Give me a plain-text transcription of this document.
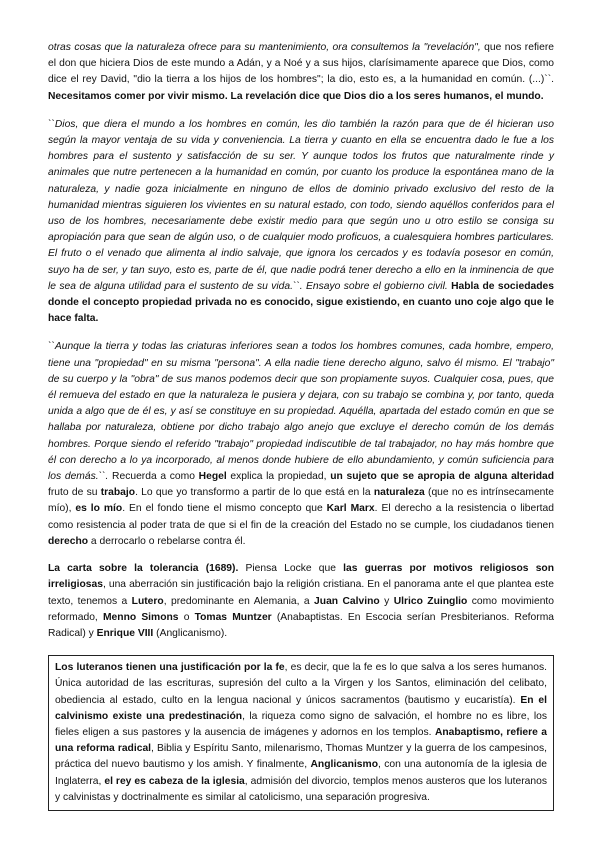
otras cosas que la naturaleza ofrece para su mantenimiento, ora consultemos la "revelación", que nos refiere el don que hiciera Dios de este mundo a Adán, y a Noé y a sus hijos, clarísimamente aparece que Dios, como dice el rey David, "dio la tierra a los hijos de los hombres"; la dio, esto es, a la humanidad en común. (...)``. Necesitamos comer por vivir mismo. La revelación dice que Dios dio a los seres humanos, el mundo.

``Dios, que diera el mundo a los hombres en común, les dio también la razón para que de él hicieran uso según la mayor ventaja de su vida y conveniencia. La tierra y cuanto en ella se encuentra dado le fue a los hombres para el sustento y satisfacción de su ser. Y aunque todos los frutos que naturalmente rinde y animales que nutre pertenecen a la humanidad en común, por cuanto los produce la espontánea mano de la naturaleza, y nadie goza inicialmente en ninguno de ellos de dominio privado exclusivo del resto de la humanidad mientras siguieren los vivientes en su natural estado, con todo, siendo aquéllos conferidos para el uso de los hombres, necesariamente debe existir medio para que según uno u otro estilo se consiga su apropiación para que sean de algún uso, o de cualquier modo proficuos, a cualesquiera hombres particulares. El fruto o el venado que alimenta al indio salvaje, que ignora los cercados y es todavía posesor en común, suyo ha de ser, y tan suyo, esto es, parte de él, que nadie podrá tener derecho a ello en la inminencia de que le sea de alguna utilidad para el sustento de su vida.``. Ensayo sobre el gobierno civil. Habla de sociedades donde el concepto propiedad privada no es conocido, sigue existiendo, en cuanto uno coje algo que le hace falta.

``Aunque la tierra y todas las criaturas inferiores sean a todos los hombres comunes, cada hombre, empero, tiene una "propiedad" en su misma "persona". A ella nadie tiene derecho alguno, salvo él mismo. El "trabajo" de su cuerpo y la "obra" de sus manos podemos decir que son propiamente suyos. Cualquier cosa, pues, que él remueva del estado en que la naturaleza le pusiera y dejara, con su trabajo se combina y, por tanto, queda unida a algo que de él es, y así se constituye en su propiedad. Aquélla, apartada del estado común en que se hallaba por naturaleza, obtiene por dicho trabajo algo anejo que excluye el derecho común de los demás hombres. Porque siendo el referido "trabajo" propiedad indiscutible de tal trabajador, no hay más hombre que él con derecho a lo ya incorporado, al menos donde hubiere de ello abundamiento, y común suficiencia para los demás.``. Recuerda a como Hegel explica la propiedad, un sujeto que se apropia de alguna alteridad fruto de su trabajo. Lo que yo transformo a partir de lo que está en la naturaleza (que no es intrínsecamente mío), es lo mío. En el fondo tiene el mismo concepto que Karl Marx. El derecho a la resistencia o libertad como resistencia al poder trata de que si el fin de la creación del Estado no se cumple, los ciudadanos tienen derecho a derrocarlo o rebelarse contra él.

La carta sobre la tolerancia (1689). Piensa Locke que las guerras por motivos religiosos son irreligiosas, una aberración sin justificación bajo la religión cristiana. En el panorama ante el que plantea este texto, tenemos a Lutero, predominante en Alemania, a Juan Calvino y Ulrico Zuinglio como movimiento reformado, Menno Simons o Tomas Muntzer (Anabaptistas. En Escocia serían Presbiterianos. Reforma Radical) y Enrique VIII (Anglicanismo).

Los luteranos tienen una justificación por la fe, es decir, que la fe es lo que salva a los seres humanos. Única autoridad de las escrituras, supresión del culto a la Virgen y los Santos, eliminación del celibato, obediencia al estado, culto en la lengua nacional y únicos sacramentos (bautismo y eucaristía). En el calvinismo existe una predestinación, la riqueza como signo de salvación, el hombre no es libre, los fieles eligen a sus pastores y la ausencia de imágenes y adornos en los templos. Anabaptismo, refiere a una reforma radical, Biblia y Espíritu Santo, milenarismo, Thomas Muntzer y la guerra de los campesinos, práctica del nuevo bautismo y los amish. Y finalmente, Anglicanismo, con una autonomía de la iglesia de Inglaterra, el rey es cabeza de la iglesia, admisión del divorcio, templos menos austeros que los luteranos y calvinistas y doctrinalmente es similar al catolicismo, una separación progresiva.
